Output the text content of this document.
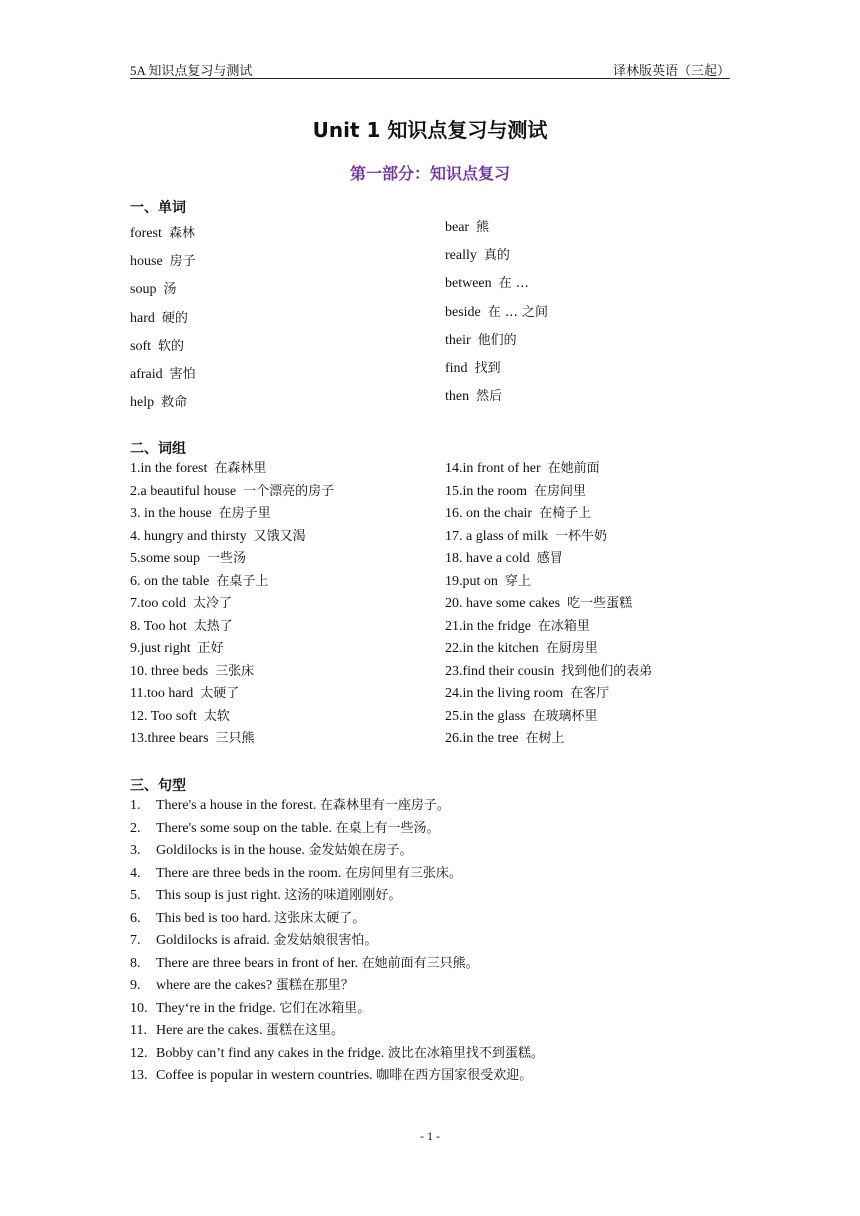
5A 知识点复习与测试	译林版英语（三起）
Unit 1 知识点复习与测试
第一部分：知识点复习
一、单词
forest 森林
house 房子
soup 汤
hard 硬的
soft 软的
afraid 害怕
help 救命
bear 熊
really 真的
between 在 …
beside 在 … 之间
their 他们的
find 找到
then 然后
二、词组
1.in the forest 在森林里
2.a beautiful house 一个漂亮的房子
3. in the house 在房子里
4. hungry and thirsty 又饿又渴
5.some soup 一些汤
6. on the table 在桌子上
7.too cold 太冷了
8. Too hot 太热了
9.just right 正好
10. three beds 三张床
11.too hard 太硬了
12. Too soft 太软
13.three bears 三只熊
14.in front of her 在她前面
15.in the room 在房间里
16. on the chair 在椅子上
17. a glass of milk 一杯牛奶
18. have a cold 感冒
19.put on 穿上
20. have some cakes 吃一些蛋糕
21.in the fridge 在冰箱里
22.in the kitchen 在厨房里
23.find their cousin 找到他们的表弟
24.in the living room 在客厅
25.in the glass 在玻璃杯里
26.in the tree 在树上
三、句型
1. There's a house in the forest. 在森林里有一座房子。
2. There's some soup on the table. 在桌上有一些汤。
3. Goldilocks is in the house. 金发姑娘在房子。
4. There are three beds in the room. 在房间里有三张床。
5. This soup is just right. 这汤的味道刚刚好。
6. This bed is too hard. 这张床太硬了。
7. Goldilocks is afraid. 金发姑娘很害怕。
8. There are three bears in front of her. 在她前面有三只熊。
9. where are the cakes? 蛋糕在那里？
10. They‘re in the fridge. 它们在冰箱里。
11. Here are the cakes. 蛋糕在这里。
12. Bobby can’t find any cakes in the fridge. 波比在冰箱里找不到蛋糕。
13. Coffee is popular in western countries. 咖啡在西方国家很受欢迎。
- 1 -
